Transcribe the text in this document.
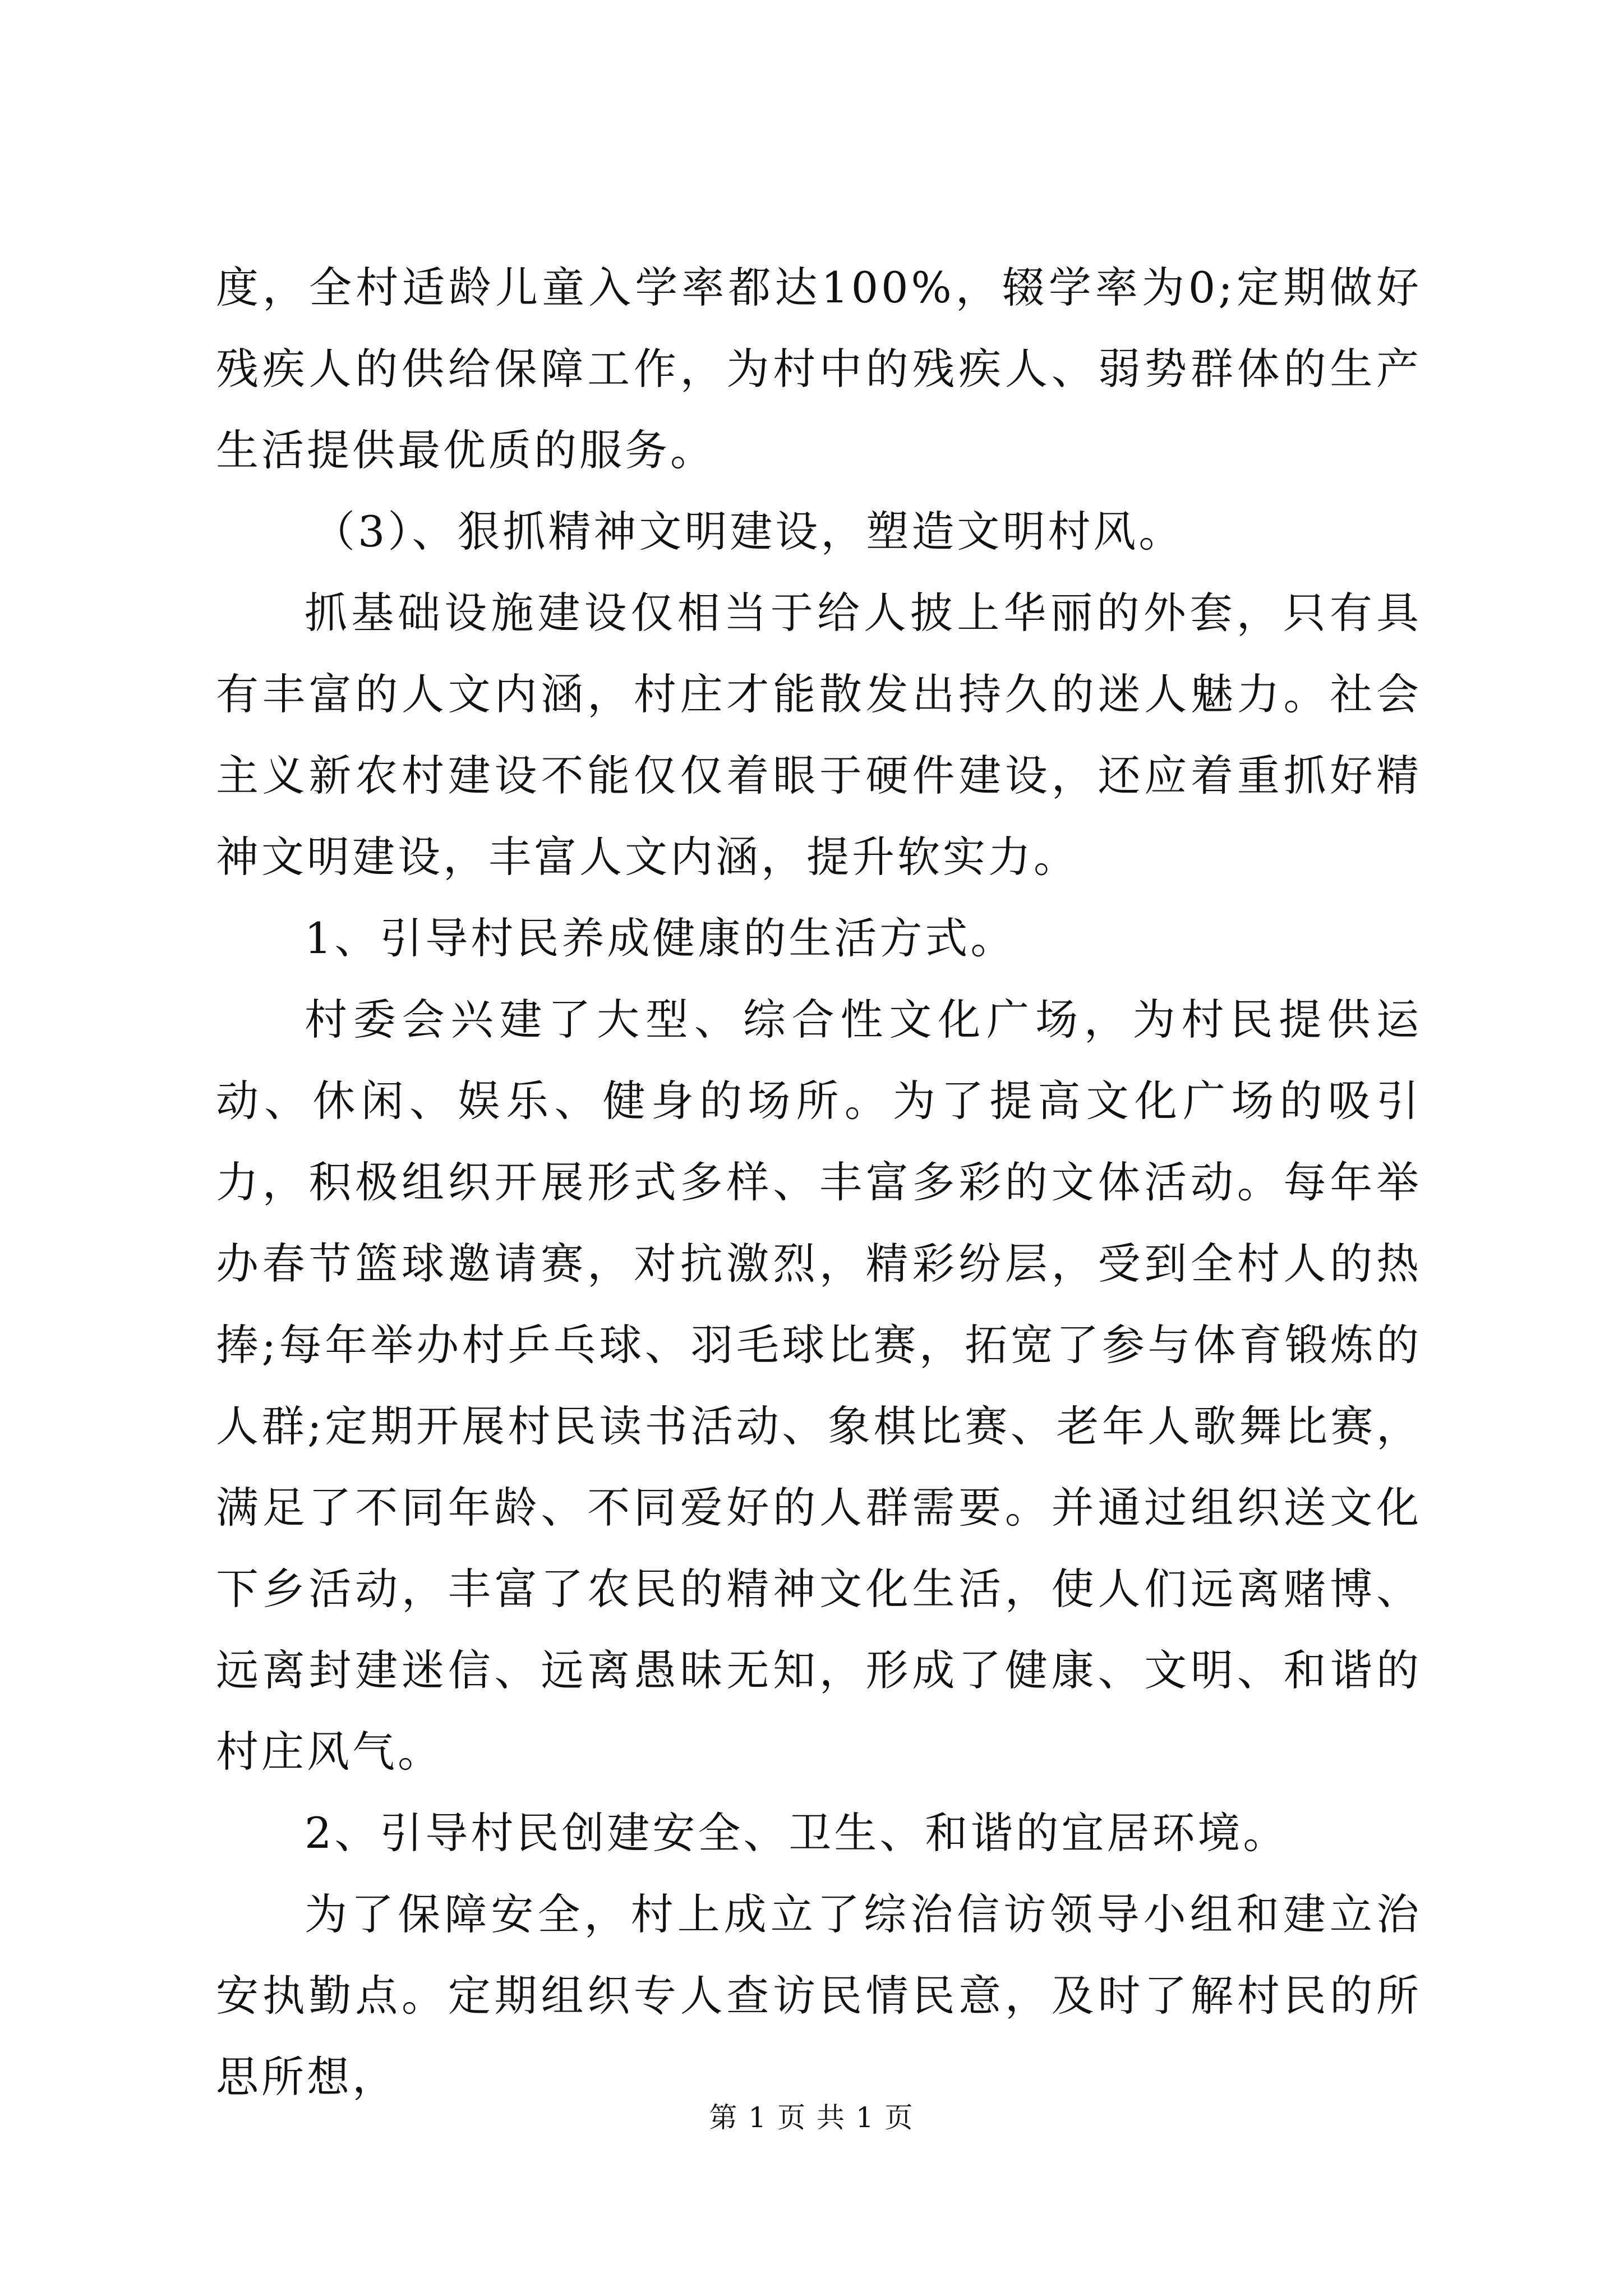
度，全村适龄儿童入学率都达100%，辍学率为0;定期做好残疾人的供给保障工作，为村中的残疾人、弱势群体的生产生活提供最优质的服务。

（3）、狠抓精神文明建设，塑造文明村风。

抓基础设施建设仅相当于给人披上华丽的外套，只有具有丰富的人文内涵，村庄才能散发出持久的迷人魅力。社会主义新农村建设不能仅仅着眼于硬件建设，还应着重抓好精神文明建设，丰富人文内涵，提升软实力。

1、引导村民养成健康的生活方式。

村委会兴建了大型、综合性文化广场，为村民提供运动、休闲、娱乐、健身的场所。为了提高文化广场的吸引力，积极组织开展形式多样、丰富多彩的文体活动。每年举办春节篮球邀请赛，对抗激烈，精彩纷层，受到全村人的热捧;每年举办村乒乓球、羽毛球比赛，拓宽了参与体育锻炼的人群;定期开展村民读书活动、象棋比赛、老年人歌舞比赛，满足了不同年龄、不同爱好的人群需要。并通过组织送文化下乡活动，丰富了农民的精神文化生活，使人们远离赌博、远离封建迷信、远离愚昧无知，形成了健康、文明、和谐的村庄风气。

2、引导村民创建安全、卫生、和谐的宜居环境。

为了保障安全，村上成立了综治信访领导小组和建立治安执勤点。定期组织专人查访民情民意，及时了解村民的所思所想，

第 1 页 共 1 页
